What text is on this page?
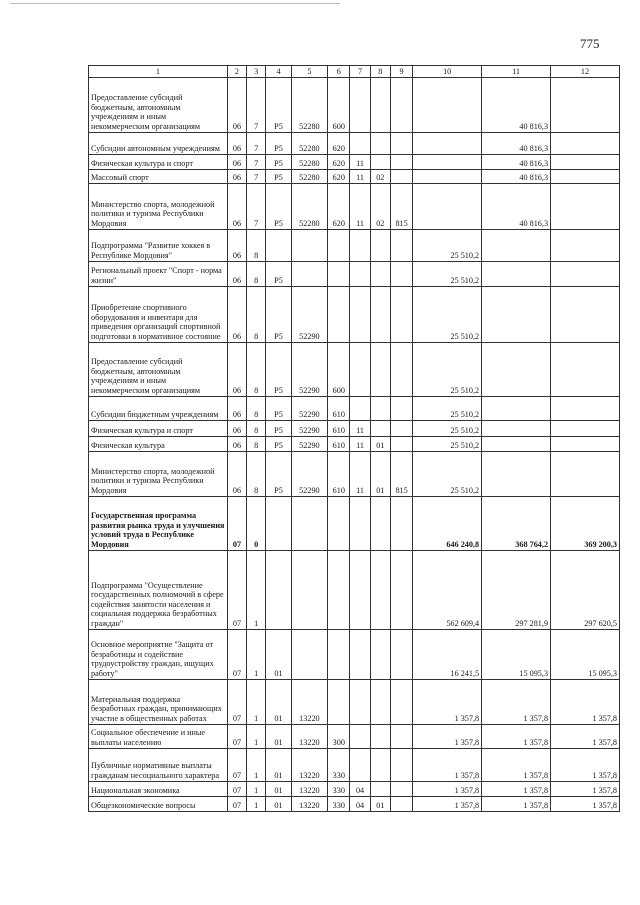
775
1	2	3	4	5	6	7	8	9	10	11	12
Предоставление субсидий бюджетным, автономным учреждениям и иным некоммерческим организациям	06	7	P5	52280	600					40 816,3	
Субсидии автономным учреждениям	06	7	P5	52280	620					40 816,3	
Физическая культура и спорт	06	7	P5	52280	620	11				40 816,3	
Массовый спорт	06	7	P5	52280	620	11	02			40 816,3	
Министерство спорта, молодежной политики и туризма Республики Мордовия	06	7	P5	52280	620	11	02	815		40 816,3	
Подпрограмма "Развитие хоккея в Республике Мордовия"	06	8							25 510,2		
Региональный проект "Спорт - норма жизни"	06	8	P5						25 510,2		
Приобретение спортивного оборудования и инвентаря для приведения организаций спортивной подготовки в нормативное состояние	06	8	P5	52290					25 510,2		
Предоставление субсидий бюджетным, автономным учреждениям и иным некоммерческим организациям	06	8	P5	52290	600				25 510,2		
Субсидии бюджетным учреждениям	06	8	P5	52290	610				25 510,2		
Физическая культура и спорт	06	8	P5	52290	610	11			25 510,2		
Физическая культура	06	8	P5	52290	610	11	01		25 510,2		
Министерство спорта, молодежной политики и туризма Республики Мордовия	06	8	P5	52290	610	11	01	815	25 510,2		
Государственная программа развития рынка труда и улучшения условий труда в Республике Мордовия	07	0							646 240,8	368 764,2	369 200,3
Подпрограмма "Осуществление государственных полномочий в сфере содействия занятости населения и социальная поддержка безработных граждан"	07	1							562 609,4	297 281,9	297 620,5
Основное мероприятие "Защита от безработицы и содействие трудоустройству граждан, ищущих работу"	07	1	01						16 241,5	15 095,3	15 095,3
Материальная поддержка безработных граждан, принимающих участие в общественных работах	07	1	01	13220					1 357,8	1 357,8	1 357,8
Социальное обеспечение и иные выплаты населению	07	1	01	13220	300				1 357,8	1 357,8	1 357,8
Публичные нормативные выплаты гражданам несоциального характера	07	1	01	13220	330				1 357,8	1 357,8	1 357,8
Национальная экономика	07	1	01	13220	330	04			1 357,8	1 357,8	1 357,8
Общеэкономические вопросы	07	1	01	13220	330	04	01		1 357,8	1 357,8	1 357,8
